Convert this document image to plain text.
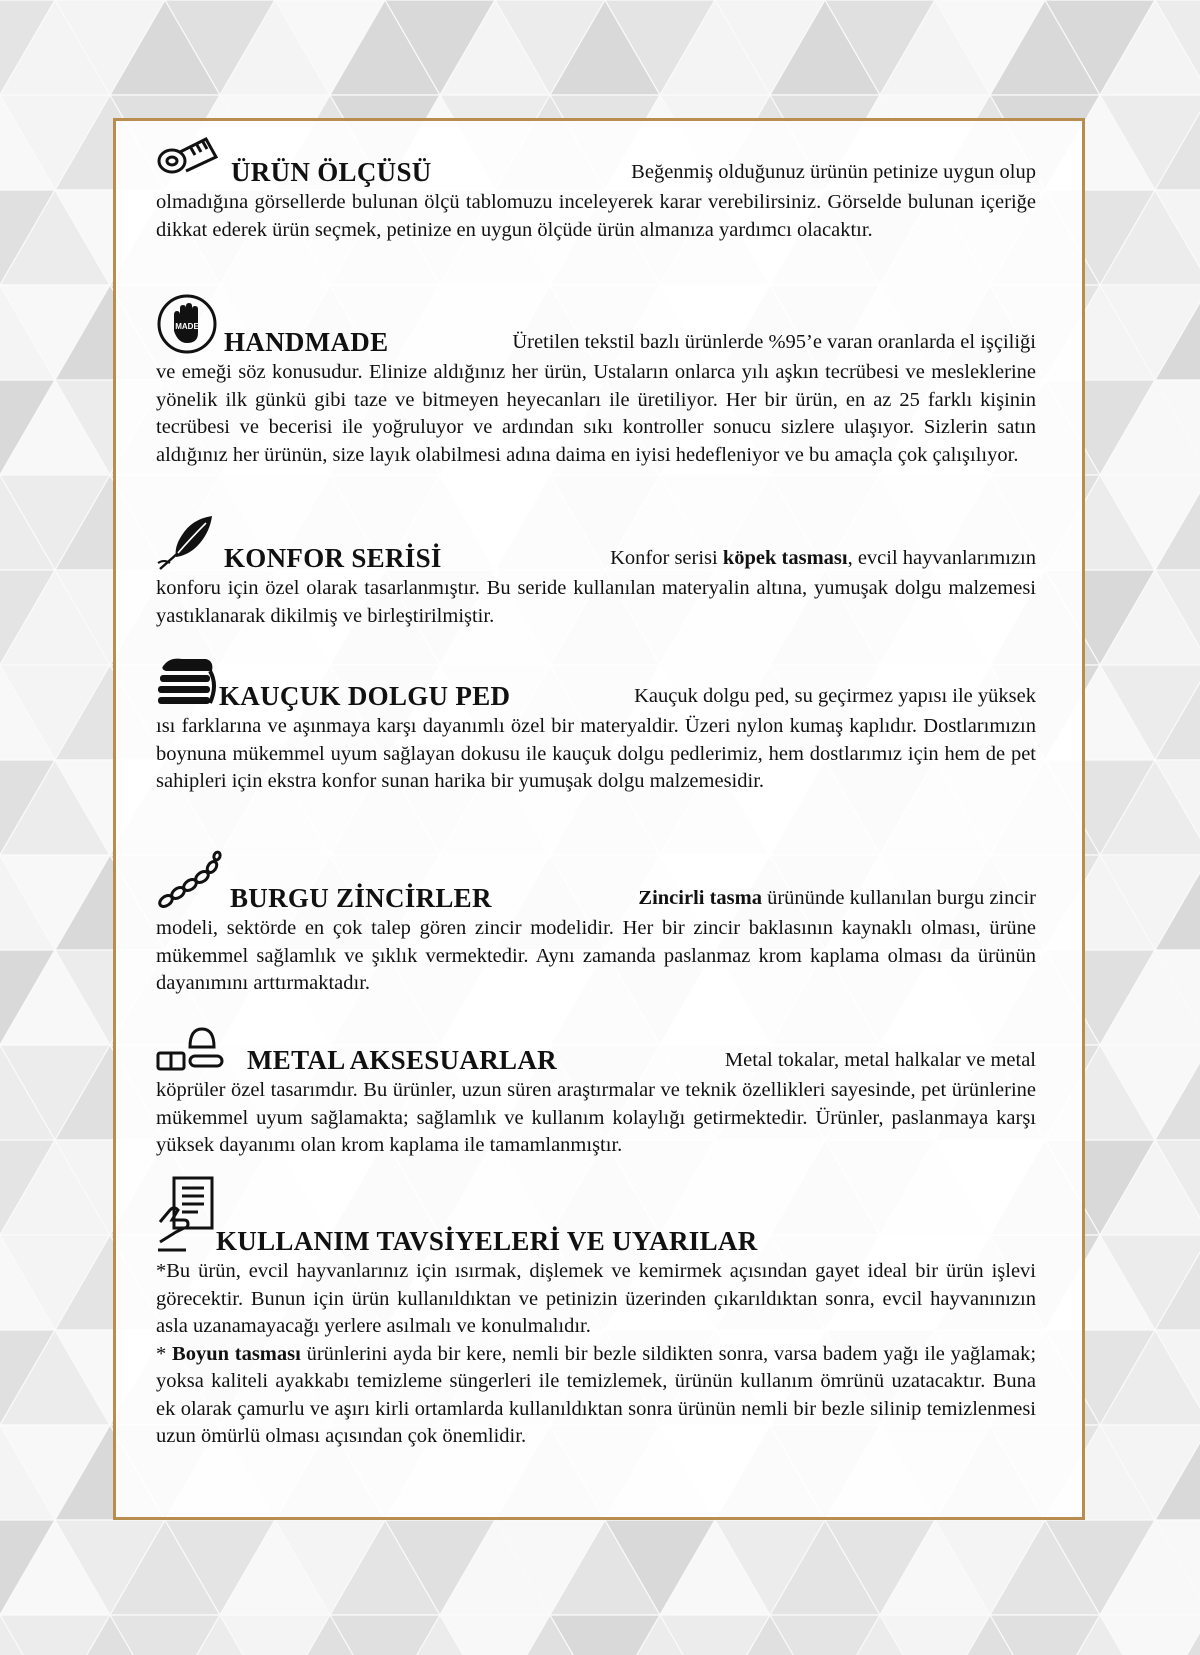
ÜRÜN ÖLÇÜSÜ	Beğenmiş olduğunuz ürünün petinize uygun olup
olmadığına görsellerde bulunan ölçü tablomuzu inceleyerek karar verebilirsiniz. Görselde bulunan içeriğe dikkat ederek ürün seçmek, petinize en uygun ölçüde ürün almanıza yardımcı olacaktır.
MADE
HANDMADE	Üretilen tekstil bazlı ürünlerde %95’e varan oranlarda el işçiliği
ve emeği söz konusudur. Elinize aldığınız her ürün, Ustaların onlarca yılı aşkın tecrübesi ve mesleklerine yönelik ilk günkü gibi taze ve bitmeyen heyecanları ile üretiliyor. Her bir ürün, en az 25 farklı kişinin tecrübesi ve becerisi ile yoğruluyor ve ardından sıkı kontroller sonucu sizlere ulaşıyor. Sizlerin satın aldığınız her ürünün, size layık olabilmesi adına daima en iyisi hedefleniyor ve bu amaçla çok çalışılıyor.
KONFOR SERİSİ	Konfor serisi köpek tasması, evcil hayvanlarımızın
konforu için özel olarak tasarlanmıştır. Bu seride kullanılan materyalin altına, yumuşak dolgu malzemesi yastıklanarak dikilmiş ve birleştirilmiştir.
KAUÇUK DOLGU PED	Kauçuk dolgu ped, su geçirmez yapısı ile yüksek
ısı farklarına ve aşınmaya karşı dayanımlı özel bir materyaldir. Üzeri nylon kumaş kaplıdır. Dostlarımızın boynuna mükemmel uyum sağlayan dokusu ile kauçuk dolgu pedlerimiz, hem dostlarımız için hem de pet sahipleri için ekstra konfor sunan harika bir yumuşak dolgu malzemesidir.
BURGU ZİNCİRLER	Zincirli tasma ürününde kullanılan burgu zincir
modeli, sektörde en çok talep gören zincir modelidir. Her bir zincir baklasının kaynaklı olması, ürüne mükemmel sağlamlık ve şıklık vermektedir. Aynı zamanda paslanmaz krom kaplama olması da ürünün dayanımını arttırmaktadır.
METAL AKSESUARLAR	Metal tokalar, metal halkalar ve metal
köprüler özel tasarımdır. Bu ürünler, uzun süren araştırmalar ve teknik özellikleri sayesinde, pet ürünlerine mükemmel uyum sağlamakta; sağlamlık ve kullanım kolaylığı getirmektedir. Ürünler, paslanmaya karşı yüksek dayanımı olan krom kaplama ile tamamlanmıştır.
KULLANIM TAVSİYELERİ VE UYARILAR

*Bu ürün, evcil hayvanlarınız için ısırmak, dişlemek ve kemirmek açısından gayet ideal bir ürün işlevi görecektir. Bunun için ürün kullanıldıktan ve petinizin üzerinden çıkarıldıktan sonra, evcil hayvanınızın asla uzanamayacağı yerlere asılmalı ve konulmalıdır.

* Boyun tasması ürünlerini ayda bir kere, nemli bir bezle sildikten sonra, varsa badem yağı ile yağlamak; yoksa kaliteli ayakkabı temizleme süngerleri ile temizlemek, ürünün kullanım ömrünü uzatacaktır. Buna ek olarak çamurlu ve aşırı kirli ortamlarda kullanıldıktan sonra ürünün nemli bir bezle silinip temizlenmesi uzun ömürlü olması açısından çok önemlidir.
